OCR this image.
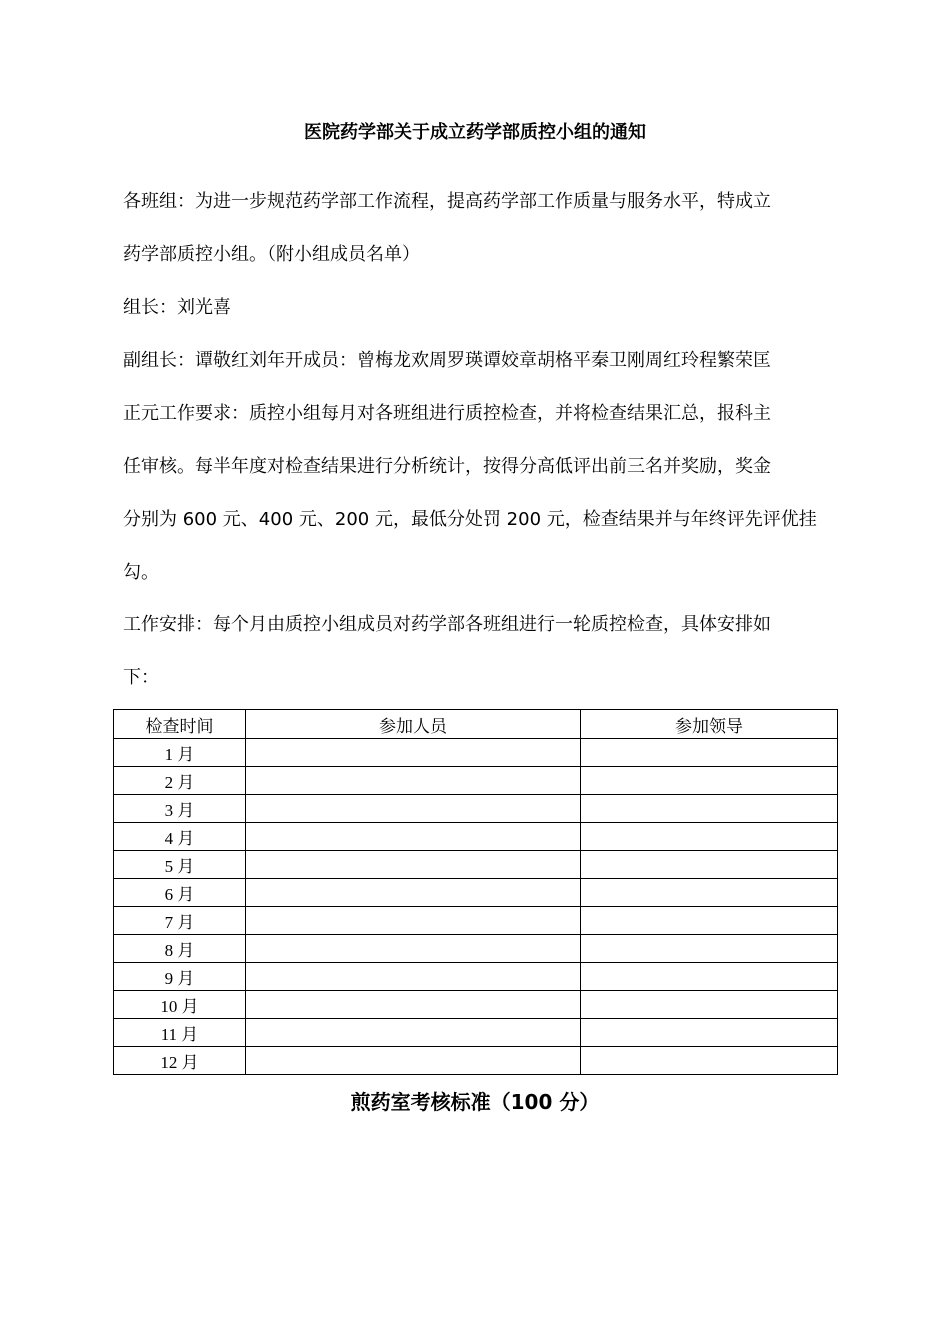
医院药学部关于成立药学部质控小组的通知
各班组：为进一步规范药学部工作流程，提高药学部工作质量与服务水平，特成立
药学部质控小组。（附小组成员名单）
组长：刘光喜
副组长：谭敬红刘年开成员：曾梅龙欢周罗瑛谭姣章胡格平秦卫刚周红玲程繁荣匡
正元工作要求：质控小组每月对各班组进行质控检查，并将检查结果汇总，报科主
任审核。每半年度对检查结果进行分析统计，按得分高低评出前三名并奖励，奖金
分别为 600 元、400 元、200 元，最低分处罚 200 元，检查结果并与年终评先评优挂
勾。
工作安排：每个月由质控小组成员对药学部各班组进行一轮质控检查，具体安排如
下：
检查时间	参加人员	参加领导
1 月		
2 月		
3 月		
4 月		
5 月		
6 月		
7 月		
8 月		
9 月		
10 月		
11 月		
12 月		
煎药室考核标准（100 分）
